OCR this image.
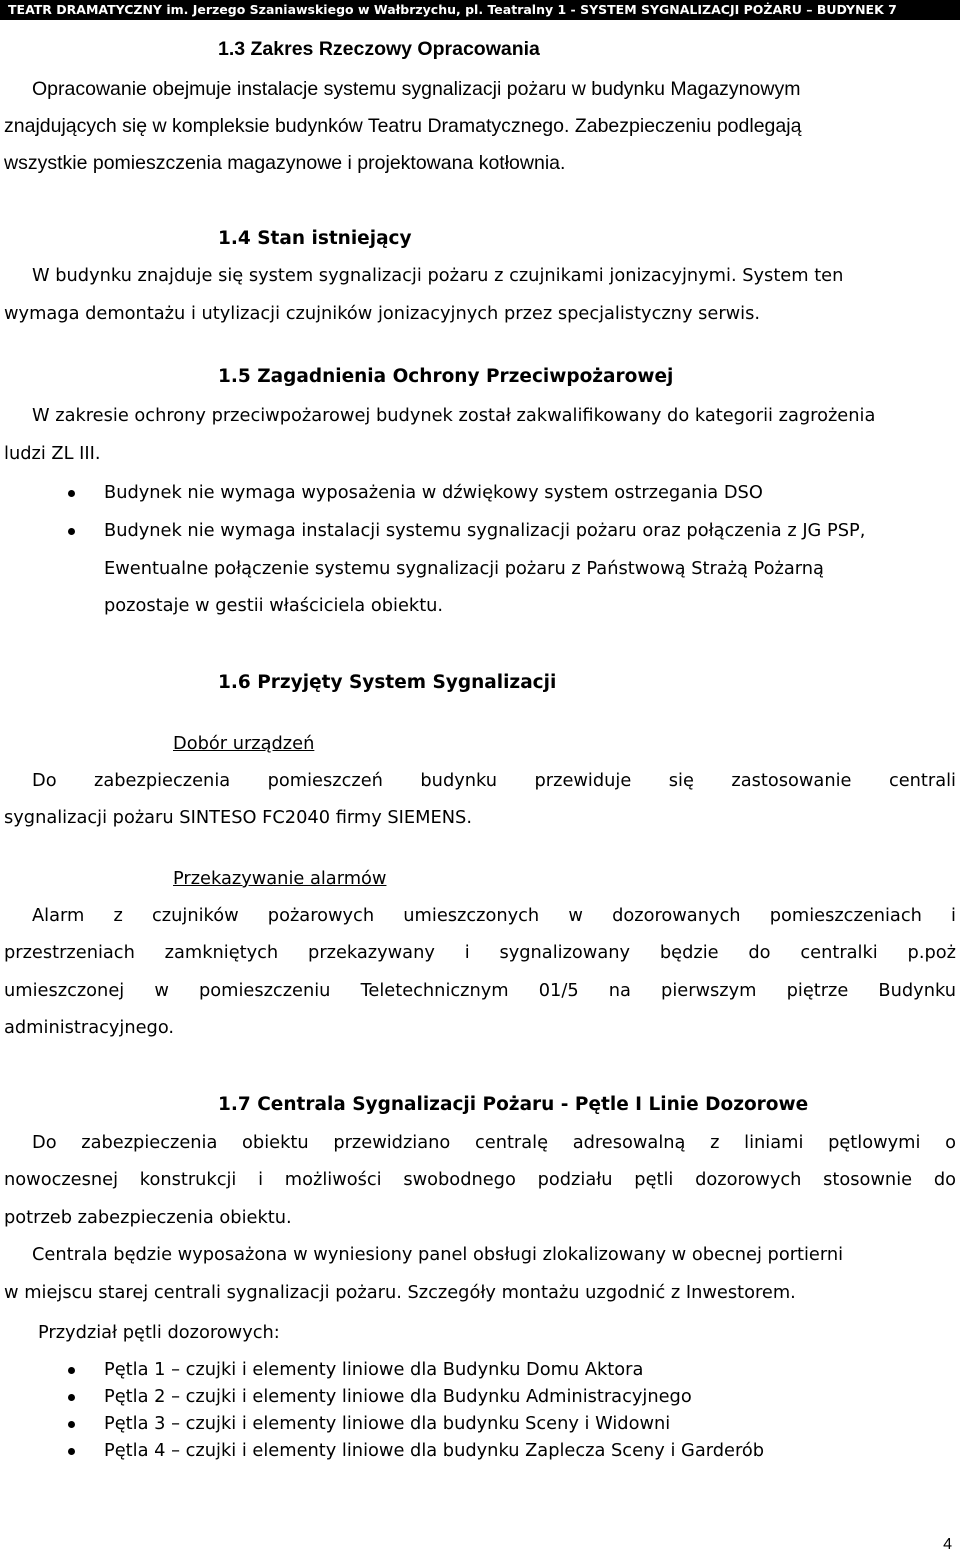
TEATR DRAMATYCZNY im. Jerzego Szaniawskiego w Wałbrzychu, pl. Teatralny 1 - SYSTEM SYGNALIZACJI POŻARU – BUDYNEK 7
1.3 Zakres Rzeczowy Opracowania
Opracowanie obejmuje instalacje systemu sygnalizacji pożaru w budynku Magazynowym
znajdujących się w kompleksie budynków Teatru Dramatycznego. Zabezpieczeniu podlegają
wszystkie pomieszczenia magazynowe i projektowana kotłownia.
1.4 Stan istniejący
W budynku znajduje się system sygnalizacji pożaru z czujnikami jonizacyjnymi. System ten
wymaga demontażu i utylizacji czujników jonizacyjnych przez specjalistyczny serwis.
1.5 Zagadnienia Ochrony Przeciwpożarowej
W zakresie ochrony przeciwpożarowej budynek został zakwalifikowany do kategorii zagrożenia
ludzi ZL III.
Budynek nie wymaga wyposażenia w dźwiękowy system ostrzegania DSO
Budynek nie wymaga instalacji systemu sygnalizacji pożaru oraz połączenia z JG PSP,
Ewentualne połączenie systemu sygnalizacji pożaru z Państwową Strażą Pożarną
pozostaje w gestii właściciela obiektu.
1.6 Przyjęty System Sygnalizacji
Dobór urządzeń
Do zabezpieczenia pomieszczeń budynku przewiduje się zastosowanie centrali
sygnalizacji pożaru SINTESO FC2040 firmy SIEMENS.
Przekazywanie alarmów
Alarm z czujników pożarowych umieszczonych w dozorowanych pomieszczeniach i
przestrzeniach zamkniętych przekazywany i sygnalizowany będzie do centralki p.poż
umieszczonej w pomieszczeniu Teletechnicznym 01/5 na pierwszym piętrze Budynku
administracyjnego.
1.7 Centrala Sygnalizacji Pożaru - Pętle I Linie Dozorowe
Do zabezpieczenia obiektu przewidziano centralę adresowalną z liniami pętlowymi o
nowoczesnej konstrukcji i możliwości swobodnego podziału pętli dozorowych stosownie do
potrzeb zabezpieczenia obiektu.
Centrala będzie wyposażona w wyniesiony panel obsługi zlokalizowany w obecnej portierni
w miejscu starej centrali sygnalizacji pożaru. Szczegóły montażu uzgodnić z Inwestorem.
Przydział pętli dozorowych:
Pętla 1 – czujki i elementy liniowe dla Budynku Domu Aktora
Pętla 2 – czujki i elementy liniowe dla Budynku Administracyjnego
Pętla 3 – czujki i elementy liniowe dla budynku Sceny i Widowni
Pętla 4 – czujki i elementy liniowe dla budynku Zaplecza Sceny i Garderób
4
